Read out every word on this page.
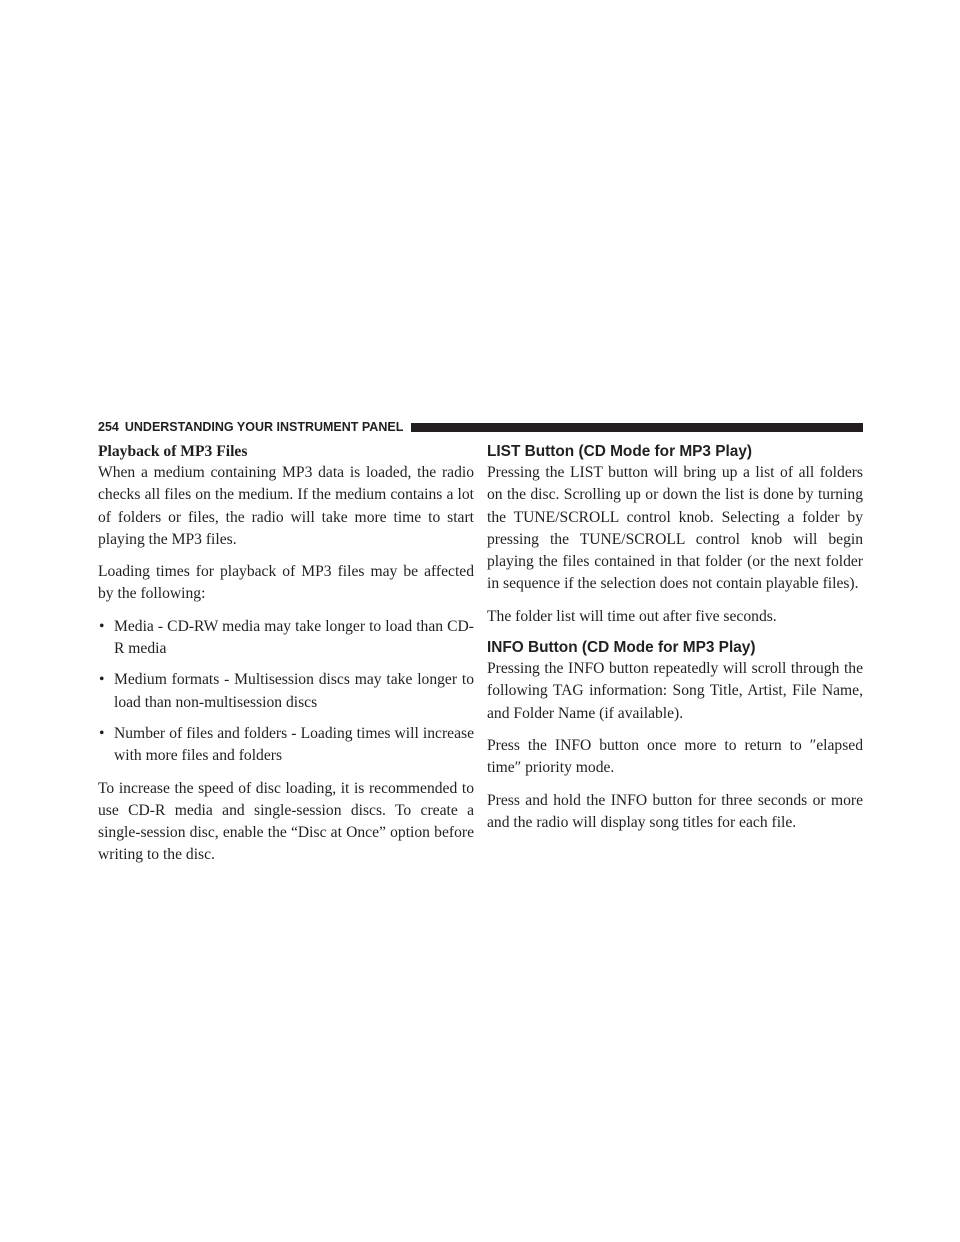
254 UNDERSTANDING YOUR INSTRUMENT PANEL
Playback of MP3 Files

When a medium containing MP3 data is loaded, the radio checks all files on the medium. If the medium contains a lot of folders or files, the radio will take more time to start playing the MP3 files.

Loading times for playback of MP3 files may be affected by the following:

• Media - CD-RW media may take longer to load than CD-R media
• Medium formats - Multisession discs may take longer to load than non-multisession discs
• Number of files and folders - Loading times will increase with more files and folders

To increase the speed of disc loading, it is recommended to use CD-R media and single-session discs. To create a single-session disc, enable the “Disc at Once” option before writing to the disc.

LIST Button (CD Mode for MP3 Play)

Pressing the LIST button will bring up a list of all folders on the disc. Scrolling up or down the list is done by turning the TUNE/SCROLL control knob. Selecting a folder by pressing the TUNE/SCROLL control knob will begin playing the files contained in that folder (or the next folder in sequence if the selection does not contain playable files).

The folder list will time out after five seconds.

INFO Button (CD Mode for MP3 Play)

Pressing the INFO button repeatedly will scroll through the following TAG information: Song Title, Artist, File Name, and Folder Name (if available).

Press the INFO button once more to return to ″elapsed time″ priority mode.

Press and hold the INFO button for three seconds or more and the radio will display song titles for each file.
